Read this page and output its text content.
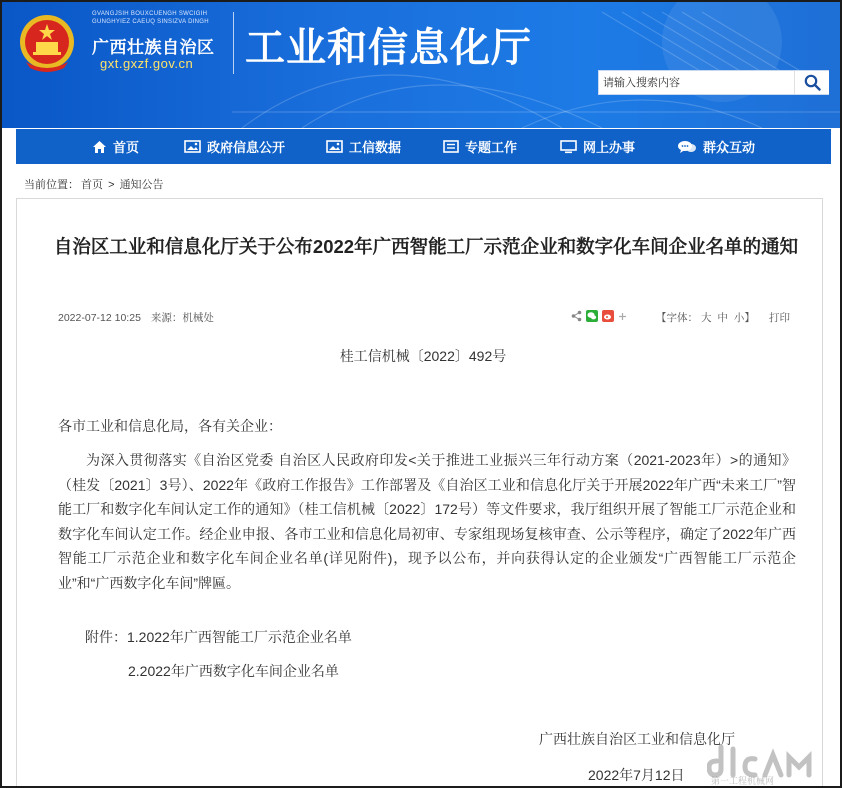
GVANGJSIH BOUXCUENGH SWCIGIH
GUNGHYIEZ CAEUQ SINSIZVA DINGH
广西壮族自治区
gxt.gxzf.gov.cn 工业和信息化厅
请输入搜索内容
首页	政府信息公开	工信数据	专题工作	网上办事	群众互动
当前位置： 首页 > 通知公告
自治区工业和信息化厅关于公布2022年广西智能工厂示范企业和数字化车间企业名单的通知
2022-07-12 10:25 来源：机械处	【字体： 大 中 小】 打印
桂工信机械〔2022〕492号
各市工业和信息化局，各有关企业：
为深入贯彻落实《自治区党委 自治区人民政府印发<关于推进工业振兴三年行动方案（2021-2023年）>的通知》（桂发〔2021〕3号）、2022年《政府工作报告》工作部署及《自治区工业和信息化厅关于开展2022年广西“未来工厂”智能工厂和数字化车间认定工作的通知》（桂工信机械〔2022〕172号）等文件要求，我厅组织开展了智能工厂示范企业和数字化车间认定工作。经企业申报、各市工业和信息化局初审、专家组现场复核审查、公示等程序，确定了2022年广西智能工厂示范企业和数字化车间企业名单(详见附件)，现予以公布，并向获得认定的企业颁发“广西智能工厂示范企业”和“广西数字化车间”牌匾。
附件：1.2022年广西智能工厂示范企业名单
2.2022年广西数字化车间企业名单
广西壮族自治区工业和信息化厅
2022年7月12日	第一工程机械网
